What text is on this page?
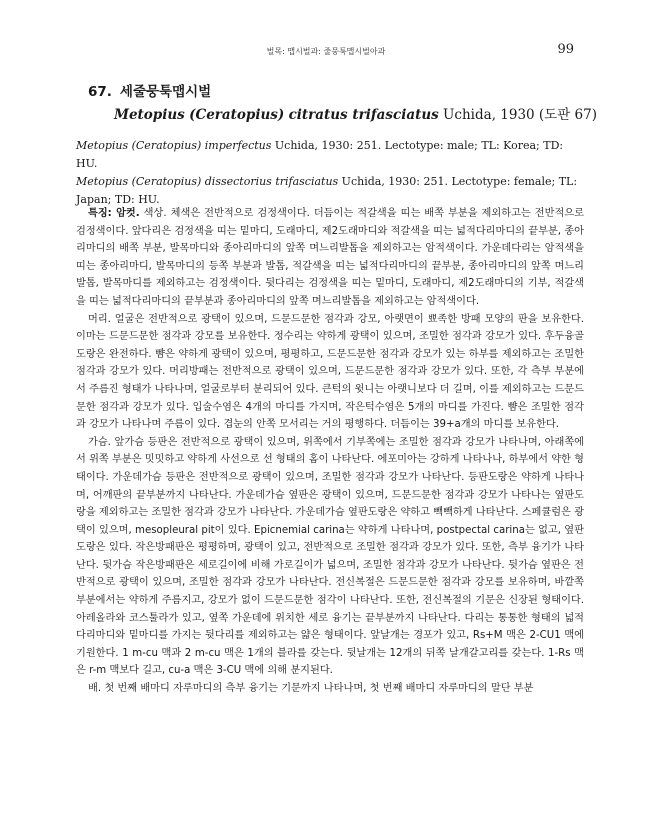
벌목: 맵시벌과: 줄뭉툭맵시벌아과	99
67. 세줄뭉툭맵시벌
Metopius (Ceratopius) citratus trifasciatus Uchida, 1930 (도판 67)

Metopius (Ceratopius) imperfectus Uchida, 1930: 251. Lectotype: male; TL: Korea; TD: HU.

Metopius (Ceratopius) dissectorius trifasciatus Uchida, 1930: 251. Lectotype: female; TL: Japan; TD: HU.

특징: 암컷. 색상. 체색은 전반적으로 검정색이다. 더듬이는 적갈색을 띠는 배쪽 부분을 제외하고는 전반적으로 검정색이다. 앞다리은 검정색을 띠는 밑마디, 도래마디, 제2도래마디와 적갈색을 띠는 넓적다리마디의 끝부분, 종아리마디의 배쪽 부분, 발목마디와 종아리마디의 앞쪽 며느리발톱을 제외하고는 암적색이다. 가운데다리는 암적색을 띠는 종아리마디, 발목마디의 등쪽 부분과 발톱, 적갈색을 띠는 넓적다리마디의 끝부분, 종아리마디의 앞쪽 며느리발톱, 발목마디를 제외하고는 검정색이다. 뒷다리는 검정색을 띠는 밑마디, 도래마디, 제2도래마디의 기부, 적갈색을 띠는 넓적다리마디의 끝부분과 종아리마디의 앞쪽 며느리발톱을 제외하고는 암적색이다.

머리. 얼굴은 전반적으로 광택이 있으며, 드문드문한 점각과 강모, 아랫면이 뾰족한 방패 모양의 판을 보유한다. 이마는 드문드문한 점각과 강모를 보유한다. 정수리는 약하게 광택이 있으며, 조밀한 점각과 강모가 있다. 후두융골도랑은 완전하다. 뺨은 약하게 광택이 있으며, 평평하고, 드문드문한 점각과 강모가 있는 하부를 제외하고는 조밀한 점각과 강모가 있다. 머리방패는 전반적으로 광택이 있으며, 드문드문한 점각과 강모가 있다. 또한, 각 측부 부분에서 주름진 형태가 나타나며, 얼굴로부터 분리되어 있다. 큰턱의 윗니는 아랫니보다 더 길며, 이를 제외하고는 드문드문한 점각과 강모가 있다. 입술수염은 4개의 마디를 가지며, 작은턱수염은 5개의 마디를 가진다. 뺨은 조밀한 점각과 강모가 나타나며 주름이 있다. 겹눈의 안쪽 모서리는 거의 평행하다. 더듬이는 39+a개의 마디를 보유한다.

가슴. 앞가슴 등판은 전반적으로 광택이 있으며, 위쪽에서 기부쪽에는 조밀한 점각과 강모가 나타나며, 아래쪽에서 위쪽 부분은 밋밋하고 약하게 사선으로 선 형태의 홈이 나타난다. 에포미아는 강하게 나타나나, 하부에서 약한 형태이다. 가운데가슴 등판은 전반적으로 광택이 있으며, 조밀한 점각과 강모가 나타난다. 등판도랑은 약하게 나타나며, 어깨판의 끝부분까지 나타난다. 가운데가슴 옆판은 광택이 있으며, 드문드문한 점각과 강모가 나타나는 옆판도랑을 제외하고는 조밀한 점각과 강모가 나타난다. 가운데가슴 옆판도랑은 약하고 빽빽하게 나타난다. 스페큘럼은 광택이 있으며, mesopleural pit이 있다. Epicnemial carina는 약하게 나타나며, postpectal carina는 없고, 옆판도랑은 있다. 작은방패판은 평평하며, 광택이 있고, 전반적으로 조밀한 점각과 강모가 있다. 또한, 측부 융기가 나타난다. 뒷가슴 작은방패판은 세로길이에 비해 가로길이가 넓으며, 조밀한 점각과 강모가 나타난다. 뒷가슴 옆판은 전반적으로 광택이 있으며, 조밀한 점각과 강모가 나타난다. 전신복절은 드문드문한 점각과 강모를 보유하며, 바깥쪽 부분에서는 약하게 주름지고, 강모가 없이 드문드문한 점각이 나타난다. 또한, 전신복절의 기문은 신장된 형태이다. 아레올라와 코스툴라가 있고, 옆쪽 가운데에 위치한 세로 융기는 끝부분까지 나타난다. 다리는 통통한 형태의 넓적다리마디와 밑마디를 가지는 뒷다리를 제외하고는 얇은 형태이다. 앞날개는 경포가 있고, Rs+M 맥은 2-CU1 맥에 기원한다. 1 m-cu 맥과 2 m-cu 맥은 1개의 블라를 갖는다. 뒷날개는 12개의 뒤쪽 날개갈고리를 갖는다. 1-Rs 맥은 r-m 맥보다 길고, cu-a 맥은 3-CU 맥에 의해 분지된다.

배. 첫 번째 배마디 자루마디의 측부 융기는 기문까지 나타나며, 첫 번째 배마디 자루마디의 말단 부분
